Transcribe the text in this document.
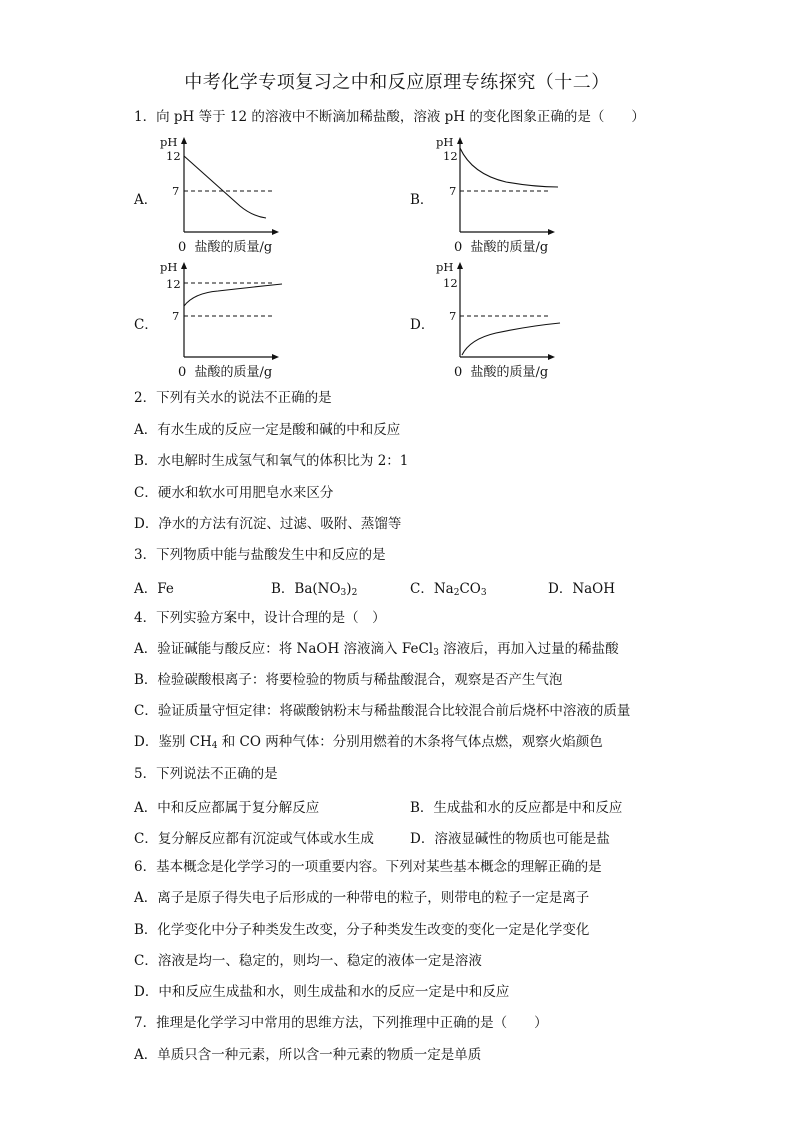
中考化学专项复习之中和反应原理专练探究（十二）
1．向 pH 等于 12 的溶液中不断滴加稀盐酸，溶液 pH 的变化图象正确的是（　　）
A．
pH
12
7
0 盐酸的质量/g
B．
pH
12
7
0 盐酸的质量/g
C．
pH
12
7
0 盐酸的质量/g
D．
pH
12
7
0 盐酸的质量/g
2．下列有关水的说法不正确的是
A．有水生成的反应一定是酸和碱的中和反应
B．水电解时生成氢气和氧气的体积比为 2：1
C．硬水和软水可用肥皂水来区分
D．净水的方法有沉淀、过滤、吸附、蒸馏等
3．下列物质中能与盐酸发生中和反应的是
A．Fe	B．$Ba(NO_3)_2$	C．$Na_2CO_3$	D．NaOH
4．下列实验方案中，设计合理的是（　）
A．验证碱能与酸反应：将 NaOH 溶液滴入 FeCl$_3$ 溶液后，再加入过量的稀盐酸
B．检验碳酸根离子：将要检验的物质与稀盐酸混合，观察是否产生气泡
C．验证质量守恒定律：将碳酸钠粉末与稀盐酸混合比较混合前后烧杯中溶液的质量
D．鉴别 $CH_4$ 和 CO 两种气体：分别用燃着的木条将气体点燃，观察火焰颜色
5．下列说法不正确的是
A．中和反应都属于复分解反应	B．生成盐和水的反应都是中和反应
C．复分解反应都有沉淀或气体或水生成	D．溶液显碱性的物质也可能是盐
6．基本概念是化学学习的一项重要内容。下列对某些基本概念的理解正确的是
A．离子是原子得失电子后形成的一种带电的粒子，则带电的粒子一定是离子
B．化学变化中分子种类发生改变，分子种类发生改变的变化一定是化学变化
C．溶液是均一、稳定的，则均一、稳定的液体一定是溶液
D．中和反应生成盐和水，则生成盐和水的反应一定是中和反应
7．推理是化学学习中常用的思维方法，下列推理中正确的是（　　）
A．单质只含一种元素，所以含一种元素的物质一定是单质
